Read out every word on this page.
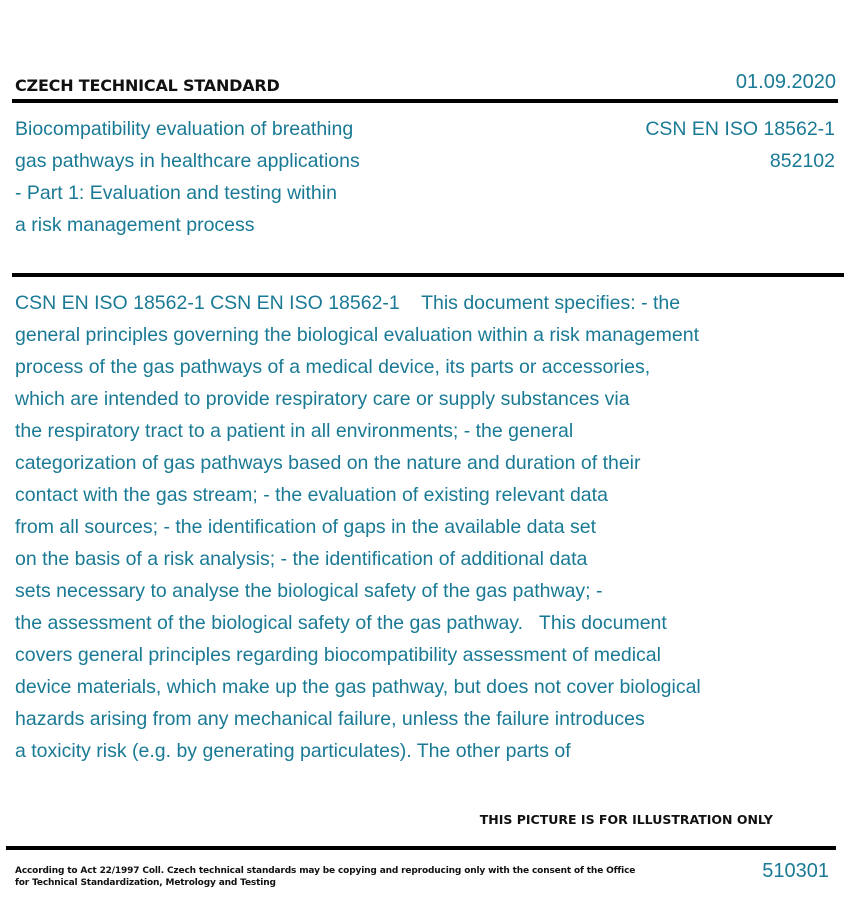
CZECH TECHNICAL STANDARD	01.09.2020
Biocompatibility evaluation of breathing
gas pathways in healthcare applications
- Part 1: Evaluation and testing within
a risk management process
CSN EN ISO 18562-1
852102
CSN EN ISO 18562-1 CSN EN ISO 18562-1    This document specifies: - the
general principles governing the biological evaluation within a risk management
process of the gas pathways of a medical device, its parts or accessories,
which are intended to provide respiratory care or supply substances via
the respiratory tract to a patient in all environments; - the general
categorization of gas pathways based on the nature and duration of their
contact with the gas stream; - the evaluation of existing relevant data
from all sources; - the identification of gaps in the available data set
on the basis of a risk analysis; - the identification of additional data
sets necessary to analyse the biological safety of the gas pathway; -
the assessment of the biological safety of the gas pathway.   This document
covers general principles regarding biocompatibility assessment of medical
device materials, which make up the gas pathway, but does not cover biological
hazards arising from any mechanical failure, unless the failure introduces
a toxicity risk (e.g. by generating particulates). The other parts of
THIS PICTURE IS FOR ILLUSTRATION ONLY
According to Act 22/1997 Coll. Czech technical standards may be copying and reproducing only with the consent of the Office
for Technical Standardization, Metrology and Testing
510301
